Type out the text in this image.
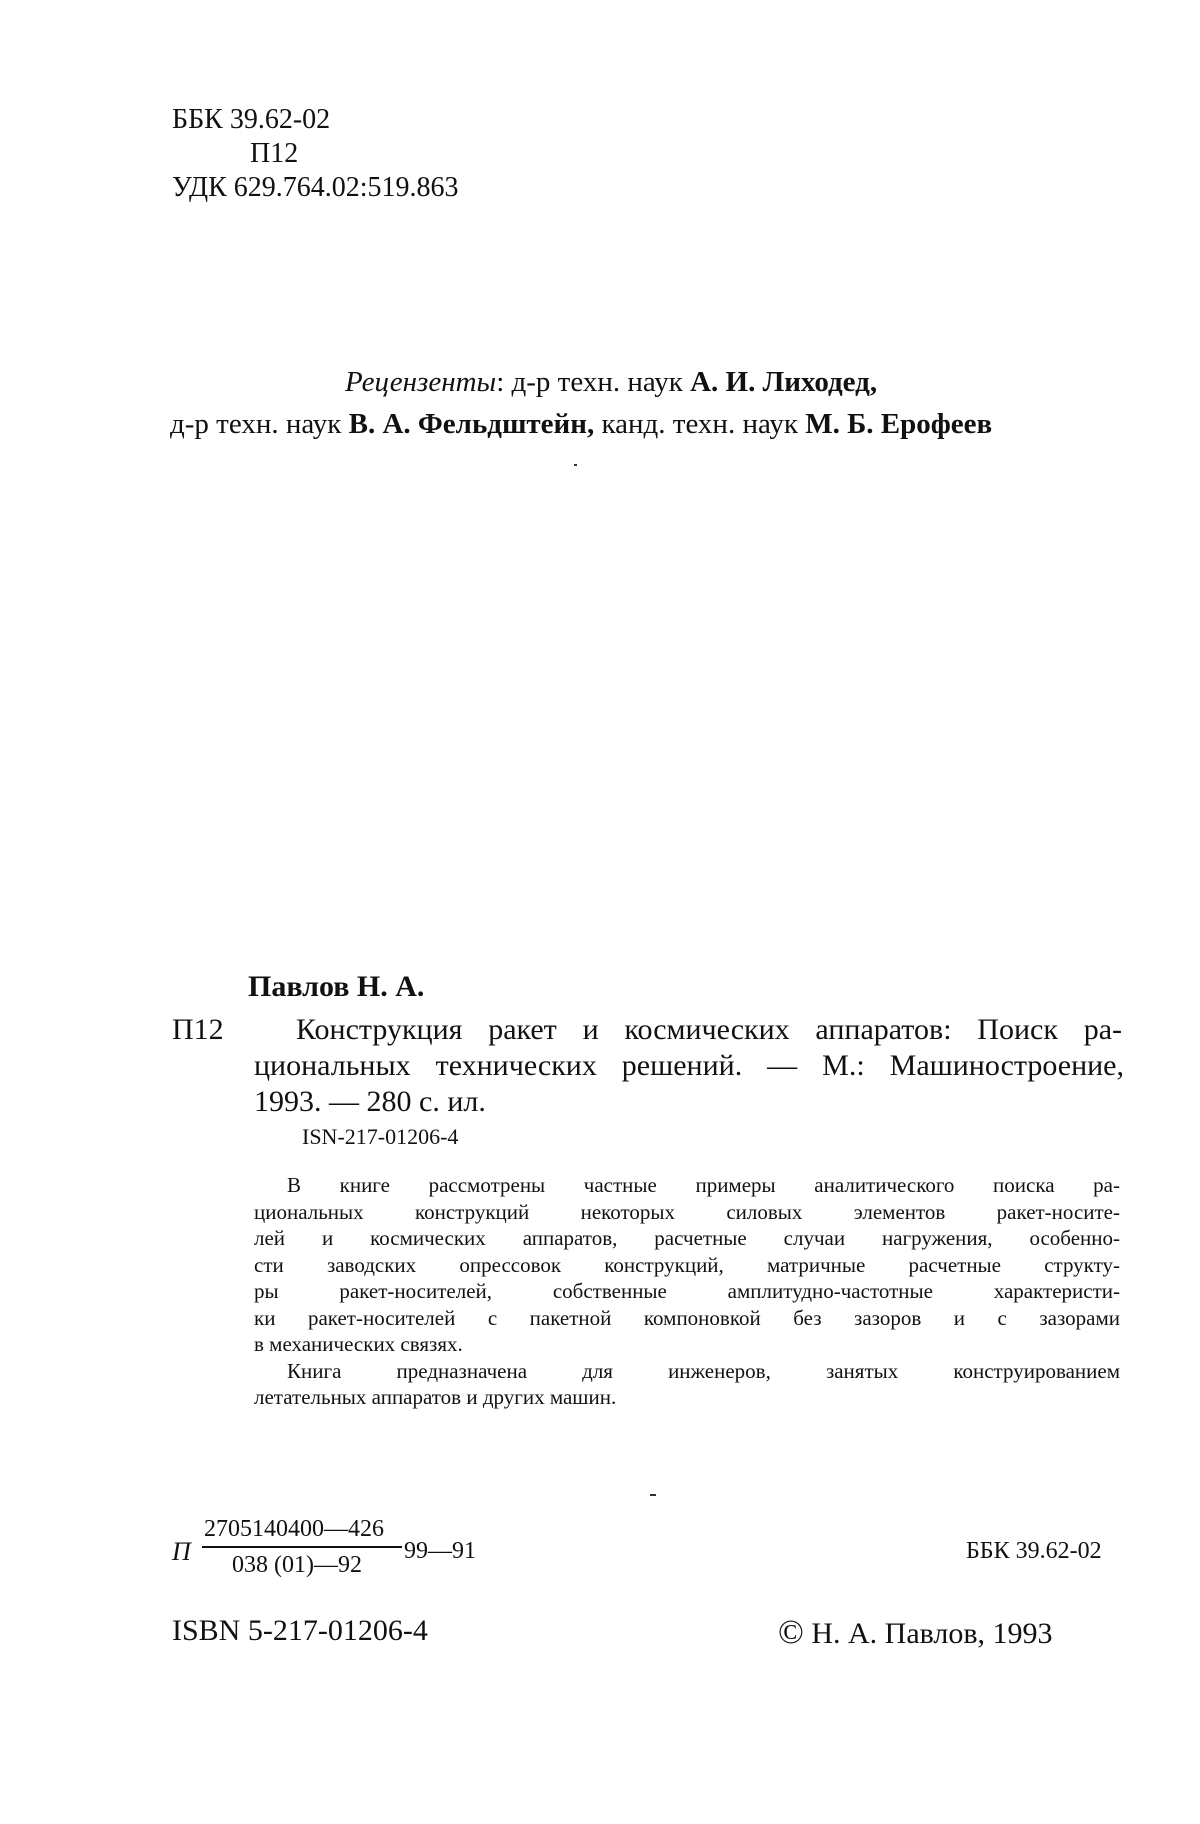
ББК 39.62-02
П12
УДК 629.764.02:519.863
Рецензенты: д-р техн. наук А. И. Лиходед,
д-р техн. наук В. А. Фельдштейн, канд. техн. наук М. Б. Ерофеев
Павлов Н. А.
П12 Конструкция ракет и космических аппаратов: Поиск ра-
циональных технических решений. — М.: Машиностроение,
1993. — 280 с. ил.
ISN-217-01206-4
В книге рассмотрены частные примеры аналитического поиска ра-
циональных конструкций некоторых силовых элементов ракет-носите-
лей и космических аппаратов, расчетные случаи нагружения, особенно-
сти заводских опрессовок конструкций, матричные расчетные структу-
ры ракет-носителей, собственные амплитудно-частотные характеристи-
ки ракет-носителей с пакетной компоновкой без зазоров и с зазорами
в механических связях.
Книга предназначена для инженеров, занятых конструированием
летательных аппаратов и других машин.
П
2705140400—426
038 (01)—92
99—91	ББК 39.62-02
ISBN 5-217-01206-4	© Н. А. Павлов, 1993
